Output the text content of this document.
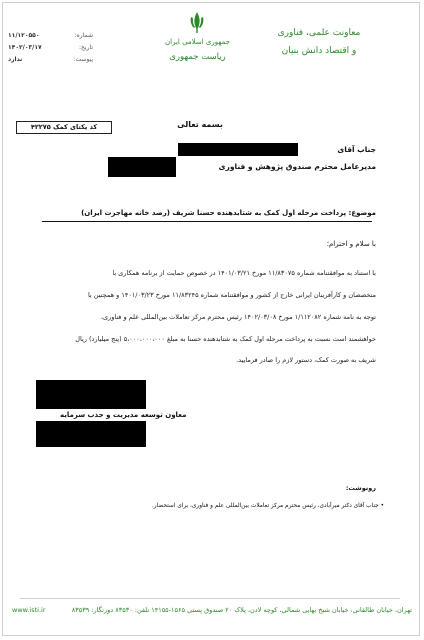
معاونت علمی، فناوری
و اقتصاد دانش بنیان
جمهوری اسلامی ایران
ریاست جمهوری
شماره:
۱۱/۱۲۰۵۵۰
تاریخ:
۱۴۰۲/۰۳/۱۷
پیوست:
ندارد
بسمه تعالی
کد یکتای کمک ۴۲۲۷۵
جناب آقای
مدیرعامل محترم صندوق پژوهش و فناوری
موضوع: پرداخت مرحله اول کمک به شتابدهنده حسنا شریف (رصد خانه مهاجرت ایران)
با سلام و احترام؛
با استناد به موافقتنامه شماره ۱۱/۸۳۰۷۵ مورخ ۱۴۰۱/۰۳/۲۱ در خصوص حمایت از برنامه همکاری با
متخصصان و کارآفرینان ایرانی خارج از کشور و موافقتنامه شماره ۱۱/۸۳۲۴۵ مورخ ۱۴۰۱/۰۳/۲۳ و همچنین با
توجه به نامه شماره ۱/۱۱۲۰۸۲ مورخ ۱۴۰۲/۰۳/۰۸ رئیس محترم مرکز تعاملات بین‌المللی علم و فناوری،
خواهشمند است نسبت به پرداخت مرحله اول کمک به شتابدهنده حسنا به مبلغ ۵،۰۰۰،۰۰۰،۰۰۰ (پنج میلیارد) ریال
شریف به صورت کمک، دستور لازم را صادر فرمایید.
معاون توسعه مدیریت و جذب سرمایه
رونوشت:
• جناب آقای دکتر میرآبادی، رئیس محترم مرکز تعاملات بین‌المللی علم و فناوری، برای استحضار.
www.isti.ir	تهران، خیابان طالقانی، خیابان شیخ بهایی شمالی، کوچه لادن، پلاک ۲۰ صندوق پستی ۱۵۶۵-۱۴۱۵۵ تلفن: ۸۳۵۳۰ دورنگار: ۸۳۵۳۹
